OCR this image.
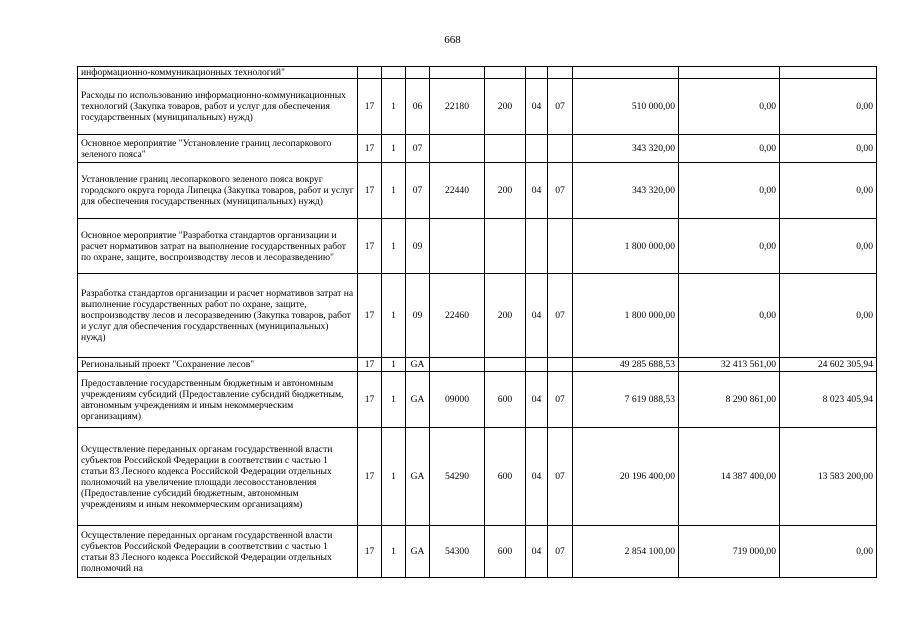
668
информационно-коммуникационных технологий"										
Расходы по использованию информационно-коммуникационных технологий (Закупка товаров, работ и услуг для обеспечения государственных (муниципальных) нужд)	17	1	06	22180	200	04	07	510 000,00	0,00	0,00
Основное мероприятие "Установление границ лесопаркового зеленого пояса"	17	1	07					343 320,00	0,00	0,00
Установление границ лесопаркового зеленого пояса вокруг городского округа города Липецка (Закупка товаров, работ и услуг для обеспечения государственных (муниципальных) нужд)	17	1	07	22440	200	04	07	343 320,00	0,00	0,00
Основное мероприятие "Разработка стандартов организации и расчет нормативов затрат на выполнение государственных работ по охране, защите, воспроизводству лесов и лесоразведению"	17	1	09					1 800 000,00	0,00	0,00
Разработка стандартов организации и расчет нормативов затрат на выполнение государственных работ по охране, защите, воспроизводству лесов и лесоразведению (Закупка товаров, работ и услуг для обеспечения государственных (муниципальных) нужд)	17	1	09	22460	200	04	07	1 800 000,00	0,00	0,00
Региональный проект "Сохранение лесов"	17	1	GA					49 285 688,53	32 413 561,00	24 602 305,94
Предоставление государственным бюджетным и автономным учреждениям субсидий (Предоставление субсидий бюджетным, автономным учреждениям и иным некоммерческим организациям)	17	1	GA	09000	600	04	07	7 619 088,53	8 290 861,00	8 023 405,94
Осуществление переданных органам государственной власти субъектов Российской Федерации в соответствии с частью 1 статьи 83 Лесного кодекса Российской Федерации отдельных полномочий на увеличение площади лесовосстановления (Предоставление субсидий бюджетным, автономным учреждениям и иным некоммерческим организациям)	17	1	GA	54290	600	04	07	20 196 400,00	14 387 400,00	13 583 200,00
Осуществление переданных органам государственной власти субъектов Российской Федерации в соответствии с частью 1 статьи 83 Лесного кодекса Российской Федерации отдельных полномочий на	17	1	GA	54300	600	04	07	2 854 100,00	719 000,00	0,00
